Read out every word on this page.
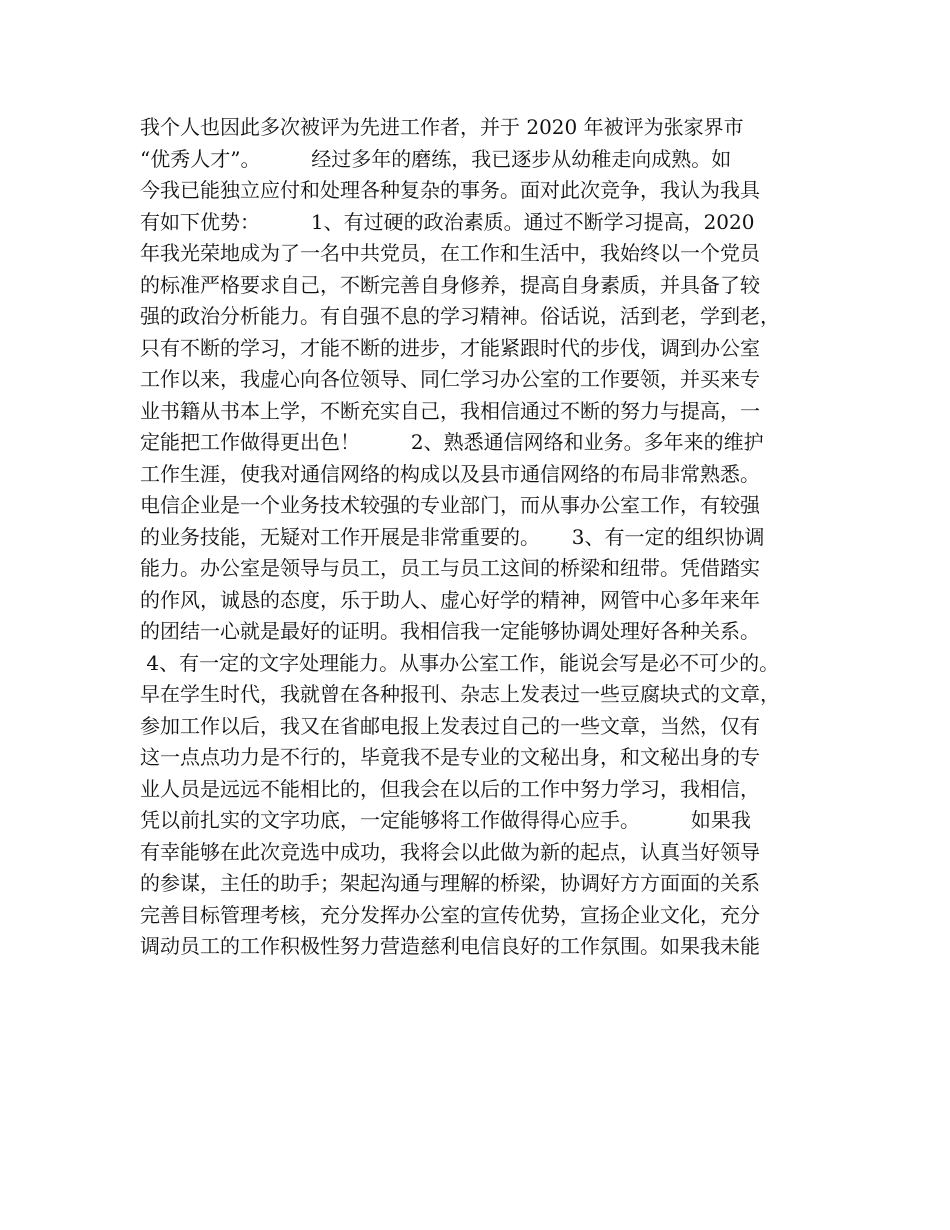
我个人也因此多次被评为先进工作者，并于 2020 年被评为张家界市
“优秀人才”。        经过多年的磨练，我已逐步从幼稚走向成熟。如
今我已能独立应付和处理各种复杂的事务。面对此次竞争，我认为我具
有如下优势：        1、有过硬的政治素质。通过不断学习提高，2020
年我光荣地成为了一名中共党员，在工作和生活中，我始终以一个党员
的标准严格要求自己，不断完善自身修养，提高自身素质，并具备了较
强的政治分析能力。有自强不息的学习精神。俗话说，活到老，学到老，
只有不断的学习，才能不断的进步，才能紧跟时代的步伐，调到办公室
工作以来，我虚心向各位领导、同仁学习办公室的工作要领，并买来专
业书籍从书本上学，不断充实自己，我相信通过不断的努力与提高，一
定能把工作做得更出色！        2、熟悉通信网络和业务。多年来的维护
工作生涯，使我对通信网络的构成以及县市通信网络的布局非常熟悉。
电信企业是一个业务技术较强的专业部门，而从事办公室工作，有较强
的业务技能，无疑对工作开展是非常重要的。     3、有一定的组织协调
能力。办公室是领导与员工，员工与员工这间的桥梁和纽带。凭借踏实
的作风，诚恳的态度，乐于助人、虚心好学的精神，网管中心多年来年
的团结一心就是最好的证明。我相信我一定能够协调处理好各种关系。
4、有一定的文字处理能力。从事办公室工作，能说会写是必不可少的。
早在学生时代，我就曾在各种报刊、杂志上发表过一些豆腐块式的文章，
参加工作以后，我又在省邮电报上发表过自己的一些文章，当然，仅有
这一点点功力是不行的，毕竟我不是专业的文秘出身，和文秘出身的专
业人员是远远不能相比的，但我会在以后的工作中努力学习，我相信，
凭以前扎实的文字功底，一定能够将工作做得得心应手。        如果我
有幸能够在此次竞选中成功，我将会以此做为新的起点，认真当好领导
的参谋，主任的助手；架起沟通与理解的桥梁，协调好方方面面的关系
完善目标管理考核，充分发挥办公室的宣传优势，宣扬企业文化，充分
调动员工的工作积极性努力营造慈利电信良好的工作氛围。如果我未能
